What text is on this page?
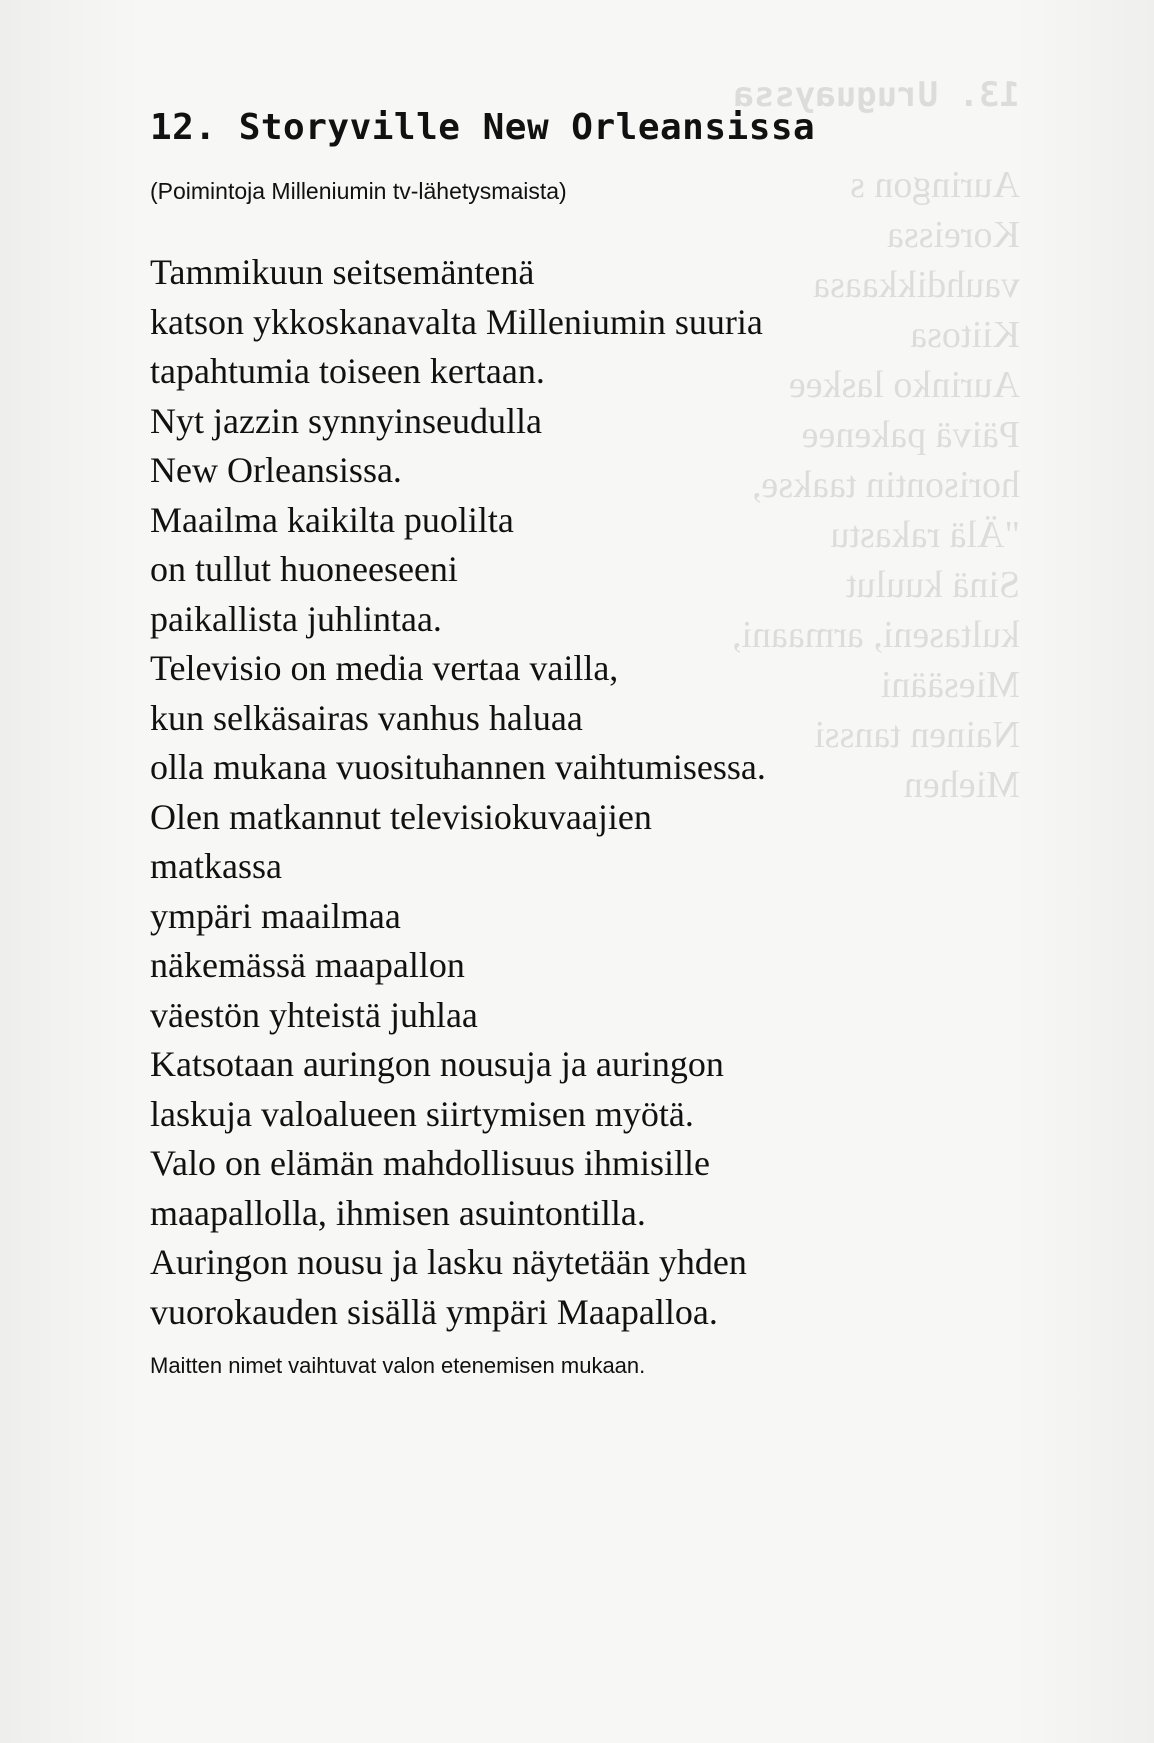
13. Uruguayssa
Auringon s
Koreissa
vauhdikkaasa
Kiitosa
Aurinko laskee
Päivä pakenee
horisontin taakse,
"Älä rakastu
Sinä kuulut
kultaseni, armaani,
Miesääni
Nainen tanssi
Miehen
12. Storyville New Orleansissa

(Poimintoja Milleniumin tv-lähetysmaista)

Tammikuun seitsemäntenä
katson ykkoskanavalta Milleniumin suuria
tapahtumia toiseen kertaan.
Nyt jazzin synnyinseudulla
New Orleansissa.
Maailma kaikilta puolilta
on tullut huoneeseeni
paikallista juhlintaa.
Televisio on media vertaa vailla,
kun selkäsairas vanhus haluaa
olla mukana vuosituhannen vaihtumisessa.
Olen matkannut televisiokuvaajien
matkassa
ympäri maailmaa
näkemässä maapallon
väestön yhteistä juhlaa
Katsotaan auringon nousuja ja auringon
laskuja valoalueen siirtymisen myötä.
Valo on elämän mahdollisuus ihmisille
maapallolla, ihmisen asuintontilla.
Auringon nousu ja lasku näytetään yhden
vuorokauden sisällä ympäri Maapalloa.

Maitten nimet vaihtuvat valon etenemisen mukaan.
